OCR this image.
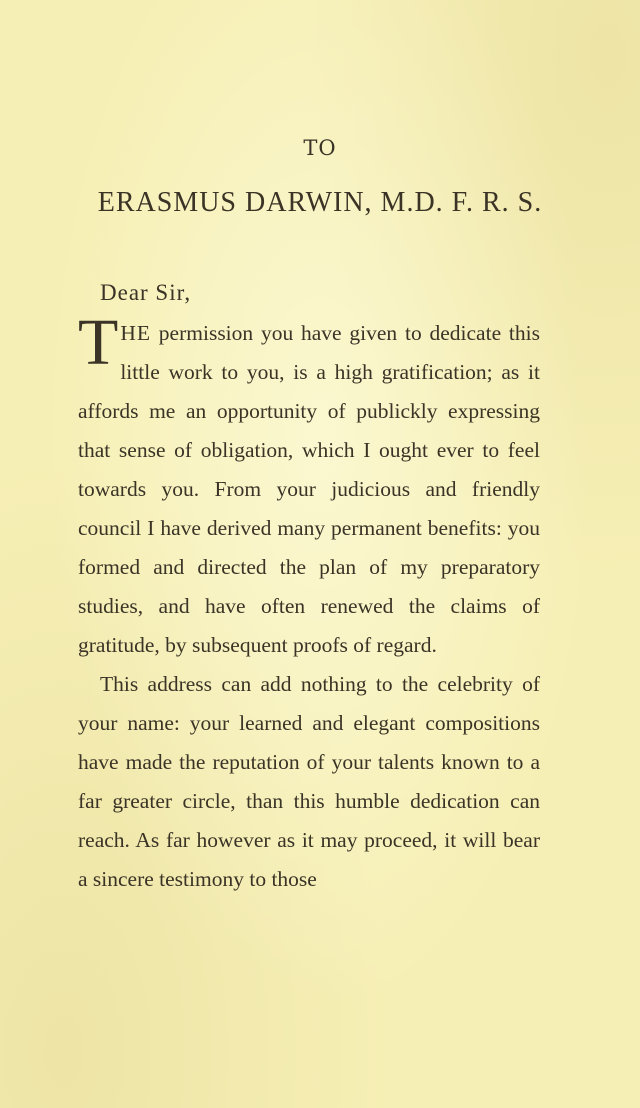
TO
ERASMUS DARWIN, M.D. F. R. S.
Dear Sir,

THE permission you have given to dedicate this little work to you, is a high gratification; as it affords me an opportunity of publickly expressing that sense of obligation, which I ought ever to feel towards you. From your judicious and friendly council I have derived many permanent benefits: you formed and directed the plan of my preparatory studies, and have often renewed the claims of gratitude, by subsequent proofs of regard.

This address can add nothing to the celebrity of your name: your learned and elegant compositions have made the reputation of your talents known to a far greater circle, than this humble dedication can reach. As far however as it may proceed, it will bear a sincere testimony to those
